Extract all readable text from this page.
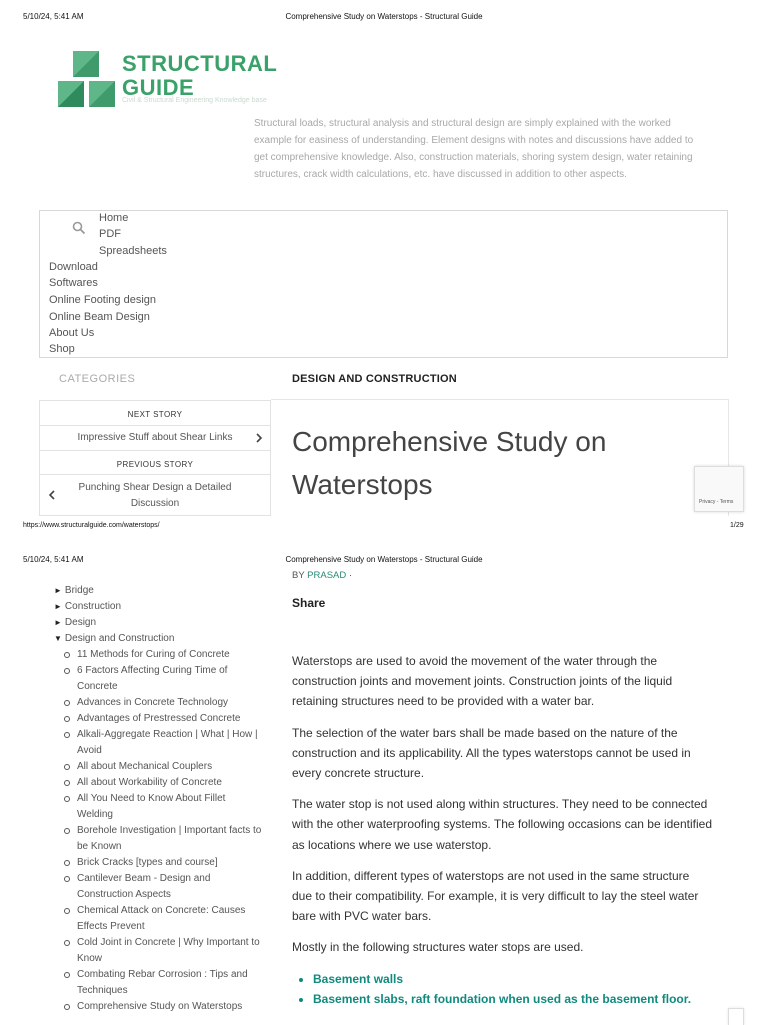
5/10/24, 5:41 AM	Comprehensive Study on Waterstops - Structural Guide
STRUCTURAL
GUIDE
Civil & Structural Engineering Knowledge base
Structural loads, structural analysis and structural design are simply explained with the worked example for easiness of understanding. Element designs with notes and discussions have added to get comprehensive knowledge. Also, construction materials, shoring system design, water retaining structures, crack width calculations, etc. have discussed in addition to other aspects.
Home
PDF
Spreadsheets
Download
Softwares
Online Footing design
Online Beam Design
About Us
Shop
CATEGORIES	DESIGN AND CONSTRUCTION
NEXT STORY
Impressive Stuff about Shear Links
PREVIOUS STORY
Punching Shear Design a Detailed Discussion
Comprehensive Study on Waterstops
Privacy - Terms
https://www.structuralguide.com/waterstops/	1/29
5/10/24, 5:41 AM	Comprehensive Study on Waterstops - Structural Guide
► Bridge
► Construction
► Design
▼ Design and Construction
11 Methods for Curing of Concrete
6 Factors Affecting Curing Time of Concrete
Advances in Concrete Technology
Advantages of Prestressed Concrete
Alkali-Aggregate Reaction | What | How | Avoid
All about Mechanical Couplers
All about Workability of Concrete
All You Need to Know About Fillet Welding
Borehole Investigation | Important facts to be Known
Brick Cracks [types and course]
Cantilever Beam - Design and Construction Aspects
Chemical Attack on Concrete: Causes Effects Prevent
Cold Joint in Concrete | Why Important to Know
Combating Rebar Corrosion : Tips and Techniques
Comprehensive Study on Waterstops
BY PRASAD ·
Share

Waterstops are used to avoid the movement of the water through the construction joints and movement joints. Construction joints of the liquid retaining structures need to be provided with a water bar.

The selection of the water bars shall be made based on the nature of the construction and its applicability. All the types waterstops cannot be used in every concrete structure.

The water stop is not used along within structures. They need to be connected with the other waterproofing systems. The following occasions can be identified as locations where we use waterstop.

In addition, different types of waterstops are not used in the same structure due to their compatibility. For example, it is very difficult to lay the steel water bare with PVC water bars.

Mostly in the following structures water stops are used.

• Basement walls
• Basement slabs, raft foundation when used as the basement floor.
